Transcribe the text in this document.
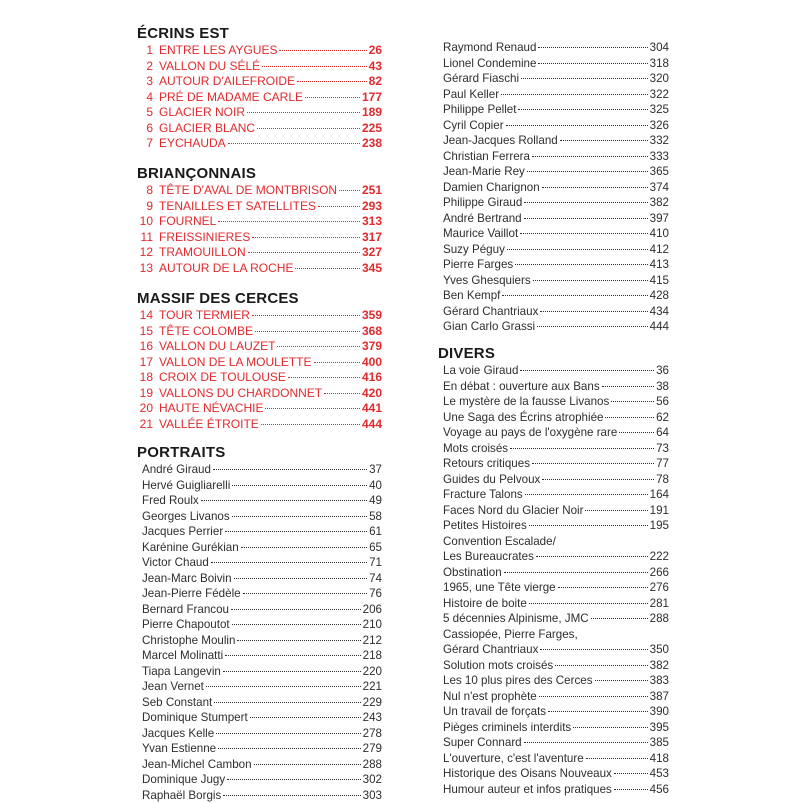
ÉCRINS EST
1 ENTRE LES AYGUES	26
2 VALLON DU SÉLÉ	43
3 AUTOUR D'AILEFROIDE	82
4 PRÉ DE MADAME CARLE	177
5 GLACIER NOIR	189
6 GLACIER BLANC	225
7 EYCHAUDA	238
BRIANÇONNAIS
8 TÊTE D'AVAL DE MONTBRISON 251
9 TENAILLES ET SATELLITES	293
10 FOURNEL	313
11 FREISSINIERES	317
12 TRAMOUILLON	327
13 AUTOUR DE LA ROCHE	345
MASSIF DES CERCES
14 TOUR TERMIER	359
15 TÊTE COLOMBE	368
16 VALLON DU LAUZET	379
17 VALLON DE LA MOULETTE	400
18 CROIX DE TOULOUSE	416
19 VALLONS DU CHARDONNET	420
20 HAUTE NÉVACHIE	441
21 VALLÉE ÉTROITE	444
PORTRAITS
André Giraud	37
Hervé Guigliarelli	40
Fred Roulx	49
Georges Livanos	58
Jacques Perrier	61
Karénine Gurékian	65
Victor Chaud	71
Jean-Marc Boivin	74
Jean-Pierre Fédèle	76
Bernard Francou	206
Pierre Chapoutot	210
Christophe Moulin	212
Marcel Molinatti	218
Tiapa Langevin	220
Jean Vernet	221
Seb Constant	229
Dominique Stumpert	243
Jacques Kelle	278
Yvan Estienne	279
Jean-Michel Cambon	288
Dominique Jugy	302
Raphaël Borgis	303
Raymond Renaud	304
Lionel Condemine	318
Gérard Fiaschi	320
Paul Keller	322
Philippe Pellet	325
Cyril Copier	326
Jean-Jacques Rolland	332
Christian Ferrera	333
Jean-Marie Rey	365
Damien Charignon	374
Philippe Giraud	382
André Bertrand	397
Maurice Vaillot	410
Suzy Péguy	412
Pierre Farges	413
Yves Ghesquiers	415
Ben Kempf	428
Gérard Chantriaux	434
Gian Carlo Grassi	444
DIVERS
La voie Giraud	36
En débat : ouverture aux Bans	38
Le mystère de la fausse Livanos	56
Une Saga des Écrins atrophiée	62
Voyage au pays de l'oxygène rare	64
Mots croisés	73
Retours critiques	77
Guides du Pelvoux	78
Fracture Talons	164
Faces Nord du Glacier Noir	191
Petites Histoires	195
Convention Escalade/
Les Bureaucrates	222
Obstination	266
1965, une Tête vierge	276
Histoire de boite	281
5 décennies Alpinisme, JMC	288
Cassiopée, Pierre Farges,
Gérard Chantriaux	350
Solution mots croisés	382
Les 10 plus pires des Cerces	383
Nul n'est prophète	387
Un travail de forçats	390
Pièges criminels interdits	395
Super Connard	385
L'ouverture, c'est l'aventure	418
Historique des Oisans Nouveaux	453
Humour auteur et infos pratiques	456
